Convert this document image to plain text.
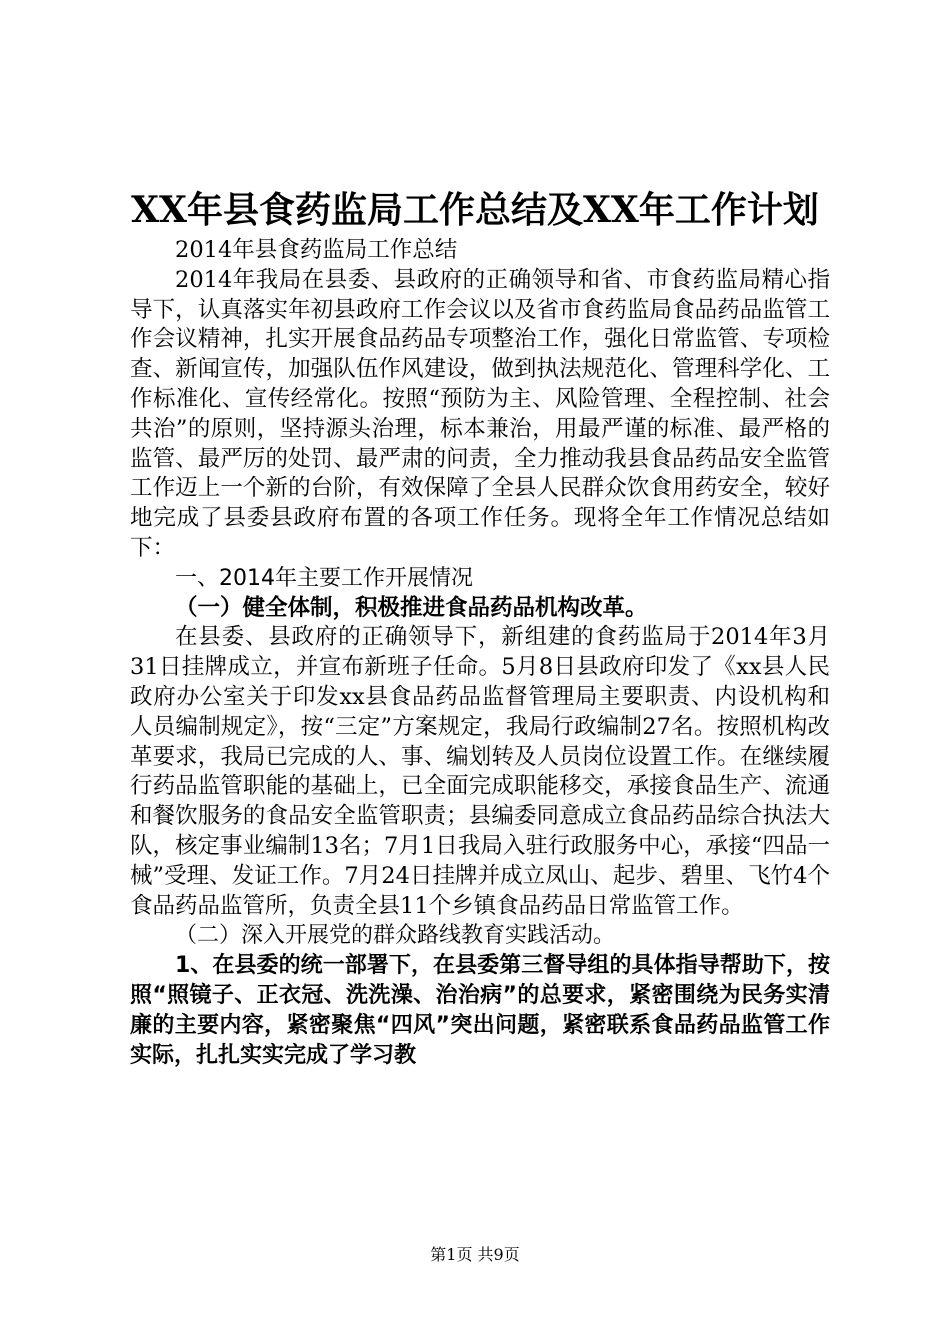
XX年县食药监局工作总结及XX年工作计划

2014年县食药监局工作总结

2014年我局在县委、县政府的正确领导和省、市食药监局精心指导下，认真落实年初县政府工作会议以及省市食药监局食品药品监管工作会议精神，扎实开展食品药品专项整治工作，强化日常监管、专项检查、新闻宣传，加强队伍作风建设，做到执法规范化、管理科学化、工作标准化、宣传经常化。按照“预防为主、风险管理、全程控制、社会共治”的原则，坚持源头治理，标本兼治，用最严谨的标准、最严格的监管、最严厉的处罚、最严肃的问责，全力推动我县食品药品安全监管工作迈上一个新的台阶，有效保障了全县人民群众饮食用药安全，较好地完成了县委县政府布置的各项工作任务。现将全年工作情况总结如下：

一、2014年主要工作开展情况

（一）健全体制，积极推进食品药品机构改革。

在县委、县政府的正确领导下，新组建的食药监局于2014年3月31日挂牌成立，并宣布新班子任命。5月8日县政府印发了《xx县人民政府办公室关于印发xx县食品药品监督管理局主要职责、内设机构和人员编制规定》，按“三定”方案规定，我局行政编制27名。按照机构改革要求，我局已完成的人、事、编划转及人员岗位设置工作。在继续履行药品监管职能的基础上，已全面完成职能移交，承接食品生产、流通和餐饮服务的食品安全监管职责；县编委同意成立食品药品综合执法大队，核定事业编制13名；7月1日我局入驻行政服务中心，承接“四品一械”受理、发证工作。7月24日挂牌并成立凤山、起步、碧里、飞竹4个食品药品监管所，负责全县11个乡镇食品药品日常监管工作。

（二）深入开展党的群众路线教育实践活动。

1、在县委的统一部署下，在县委第三督导组的具体指导帮助下，按照“照镜子、正衣冠、洗洗澡、治治病”的总要求，紧密围绕为民务实清廉的主要内容，紧密聚焦“四风”突出问题，紧密联系食品药品监管工作实际，扎扎实实完成了学习教

第1页 共9页
